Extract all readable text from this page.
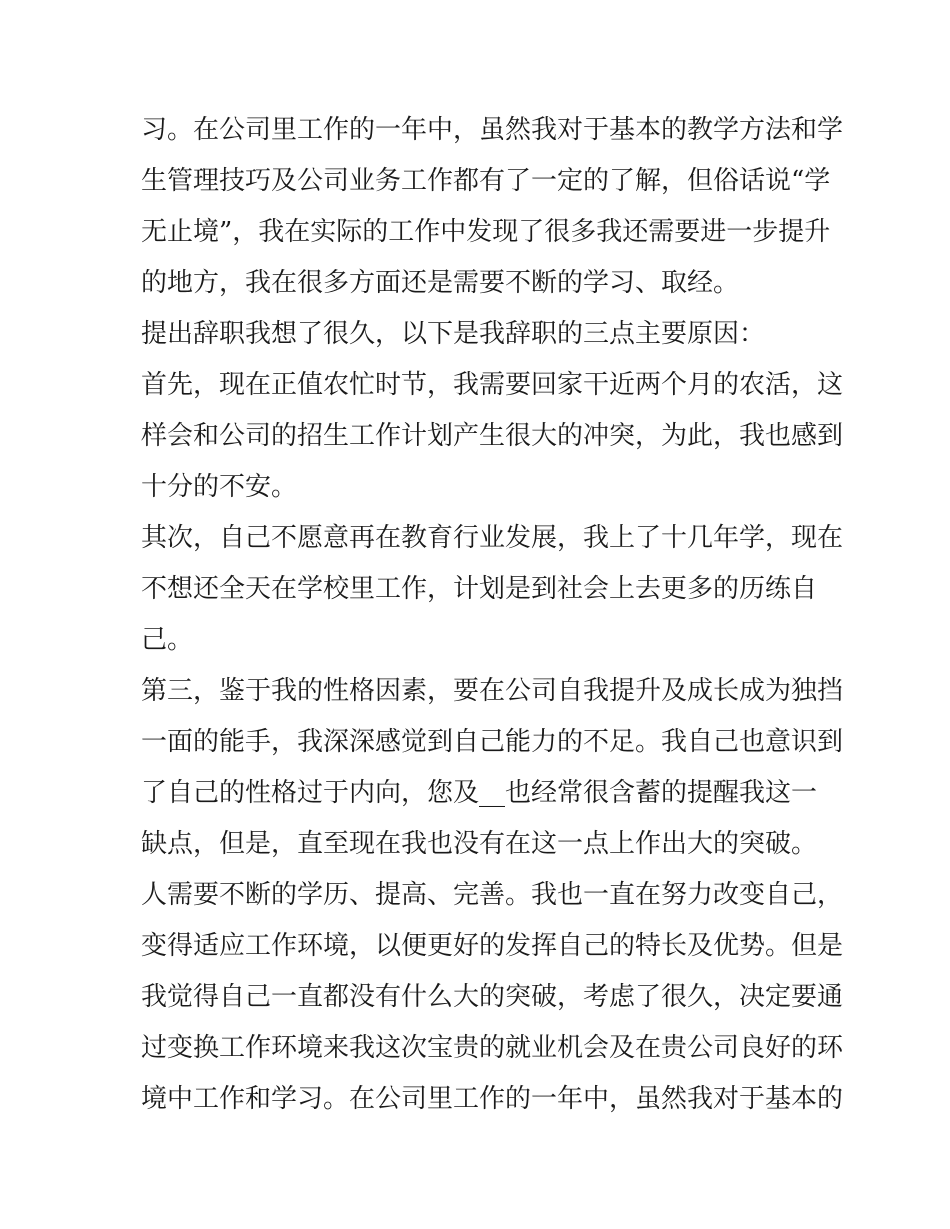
习。在公司里工作的一年中，虽然我对于基本的教学方法和学
生管理技巧及公司业务工作都有了一定的了解，但俗话说“学
无止境”，我在实际的工作中发现了很多我还需要进一步提升
的地方，我在很多方面还是需要不断的学习、取经。
提出辞职我想了很久，以下是我辞职的三点主要原因：
首先，现在正值农忙时节，我需要回家干近两个月的农活，这
样会和公司的招生工作计划产生很大的冲突，为此，我也感到
十分的不安。
其次，自己不愿意再在教育行业发展，我上了十几年学，现在
不想还全天在学校里工作，计划是到社会上去更多的历练自
己。
第三，鉴于我的性格因素，要在公司自我提升及成长成为独挡
一面的能手，我深深感觉到自己能力的不足。我自己也意识到
了自己的性格过于内向，您及__也经常很含蓄的提醒我这一
缺点，但是，直至现在我也没有在这一点上作出大的突破。
人需要不断的学历、提高、完善。我也一直在努力改变自己，
变得适应工作环境，以便更好的发挥自己的特长及优势。但是
我觉得自己一直都没有什么大的突破，考虑了很久，决定要通
过变换工作环境来我这次宝贵的就业机会及在贵公司良好的环
境中工作和学习。在公司里工作的一年中，虽然我对于基本的
